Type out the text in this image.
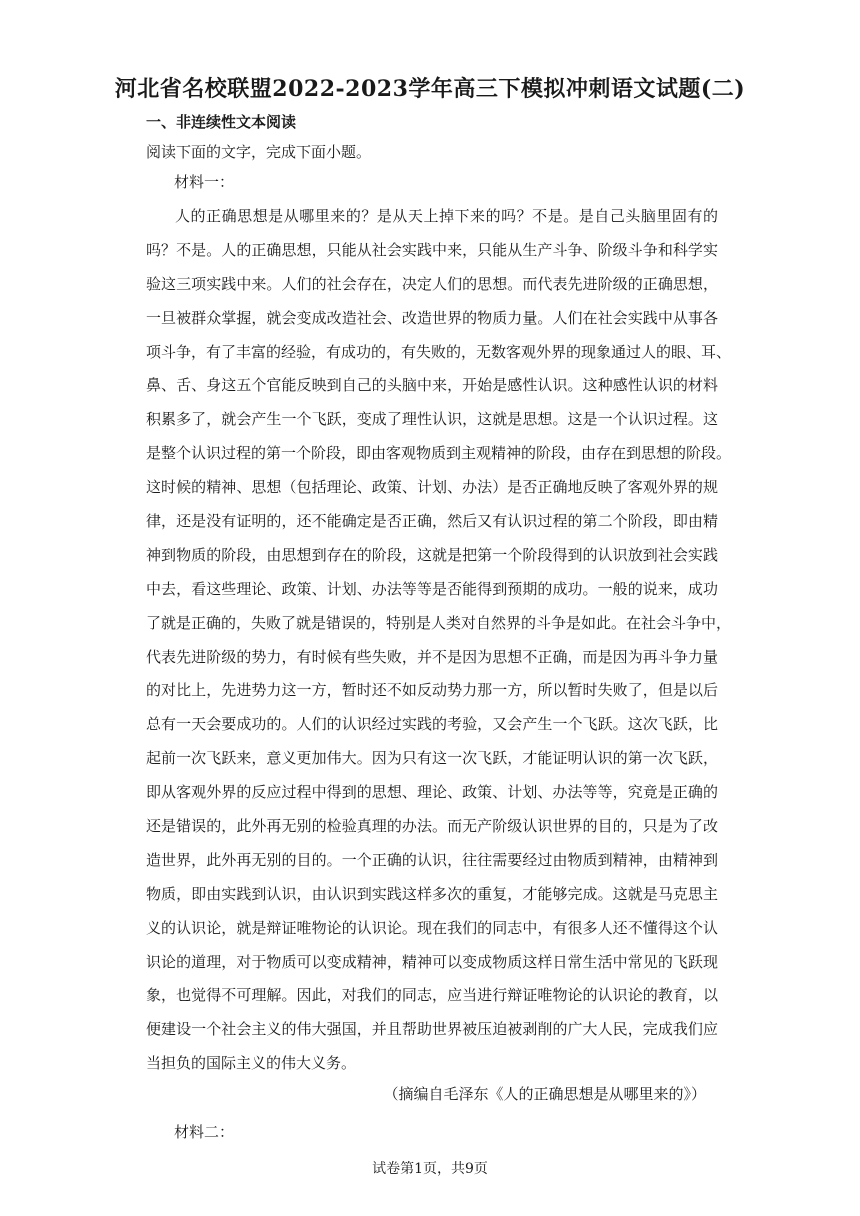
河北省名校联盟2022-2023学年高三下模拟冲刺语文试题(二)
一、非连续性文本阅读
阅读下面的文字，完成下面小题。
材料一：
人的正确思想是从哪里来的？是从天上掉下来的吗？不是。是自己头脑里固有的
吗？不是。人的正确思想，只能从社会实践中来，只能从生产斗争、阶级斗争和科学实
验这三项实践中来。人们的社会存在，决定人们的思想。而代表先进阶级的正确思想，
一旦被群众掌握，就会变成改造社会、改造世界的物质力量。人们在社会实践中从事各
项斗争，有了丰富的经验，有成功的，有失败的，无数客观外界的现象通过人的眼、耳、
鼻、舌、身这五个官能反映到自己的头脑中来，开始是感性认识。这种感性认识的材料
积累多了，就会产生一个飞跃，变成了理性认识，这就是思想。这是一个认识过程。这
是整个认识过程的第一个阶段，即由客观物质到主观精神的阶段，由存在到思想的阶段。
这时候的精神、思想（包括理论、政策、计划、办法）是否正确地反映了客观外界的规
律，还是没有证明的，还不能确定是否正确，然后又有认识过程的第二个阶段，即由精
神到物质的阶段，由思想到存在的阶段，这就是把第一个阶段得到的认识放到社会实践
中去，看这些理论、政策、计划、办法等等是否能得到预期的成功。一般的说来，成功
了就是正确的，失败了就是错误的，特别是人类对自然界的斗争是如此。在社会斗争中，
代表先进阶级的势力，有时候有些失败，并不是因为思想不正确，而是因为再斗争力量
的对比上，先进势力这一方，暂时还不如反动势力那一方，所以暂时失败了，但是以后
总有一天会要成功的。人们的认识经过实践的考验，又会产生一个飞跃。这次飞跃，比
起前一次飞跃来，意义更加伟大。因为只有这一次飞跃，才能证明认识的第一次飞跃，
即从客观外界的反应过程中得到的思想、理论、政策、计划、办法等等，究竟是正确的
还是错误的，此外再无别的检验真理的办法。而无产阶级认识世界的目的，只是为了改
造世界，此外再无别的目的。一个正确的认识，往往需要经过由物质到精神，由精神到
物质，即由实践到认识，由认识到实践这样多次的重复，才能够完成。这就是马克思主
义的认识论，就是辩证唯物论的认识论。现在我们的同志中，有很多人还不懂得这个认
识论的道理，对于物质可以变成精神，精神可以变成物质这样日常生活中常见的飞跃现
象，也觉得不可理解。因此，对我们的同志，应当进行辩证唯物论的认识论的教育，以
便建设一个社会主义的伟大强国，并且帮助世界被压迫被剥削的广大人民，完成我们应
当担负的国际主义的伟大义务。
（摘编自毛泽东《人的正确思想是从哪里来的》）
材料二：
试卷第1页，共9页
